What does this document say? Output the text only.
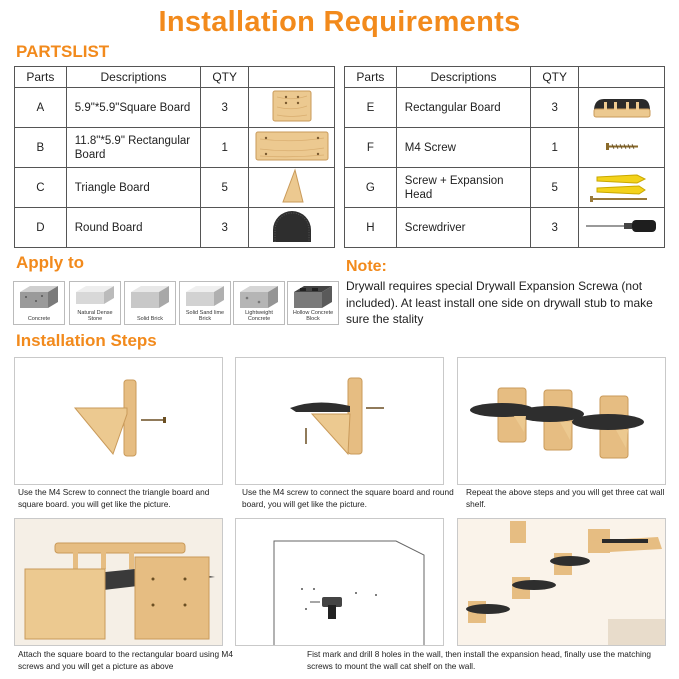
Installation Requirements
PARTSLIST
Parts	Descriptions	QTY	
A	5.9"*5.9"Square Board	3	
B	11.8"*5.9" Rectangular Board	1	
C	Triangle Board	5	
D	Round Board	3	
Parts	Descriptions	QTY	
E	Rectangular Board	3	
F	M4 Screw	1	
G	Screw + Expansion Head	5	
H	Screwdriver	3	
Apply to
Concrete
Natural Dense Stone	Solid Brick
Solid Sand lime Brick
Lightweight Concrete
Hollow Concrete Block
Note:
Drywall requires special Drywall Expansion Screwa (not included). At least install one side on drywall stub to make sure the stality
Installation Steps
Use the M4 Screw to connect the triangle board and square board. you will get like the picture.
Use the M4 screw to connect the square board and round board, you will get like the picture.
Repeat the above steps and you will get three cat wall shelf.
Attach the square board to the rectangular board using M4 screws and you will get a picture as above
Fist mark and drill 8 holes in the wall, then install the expansion head, finally use the matching screws to mount the wall cat shelf on the wall.
